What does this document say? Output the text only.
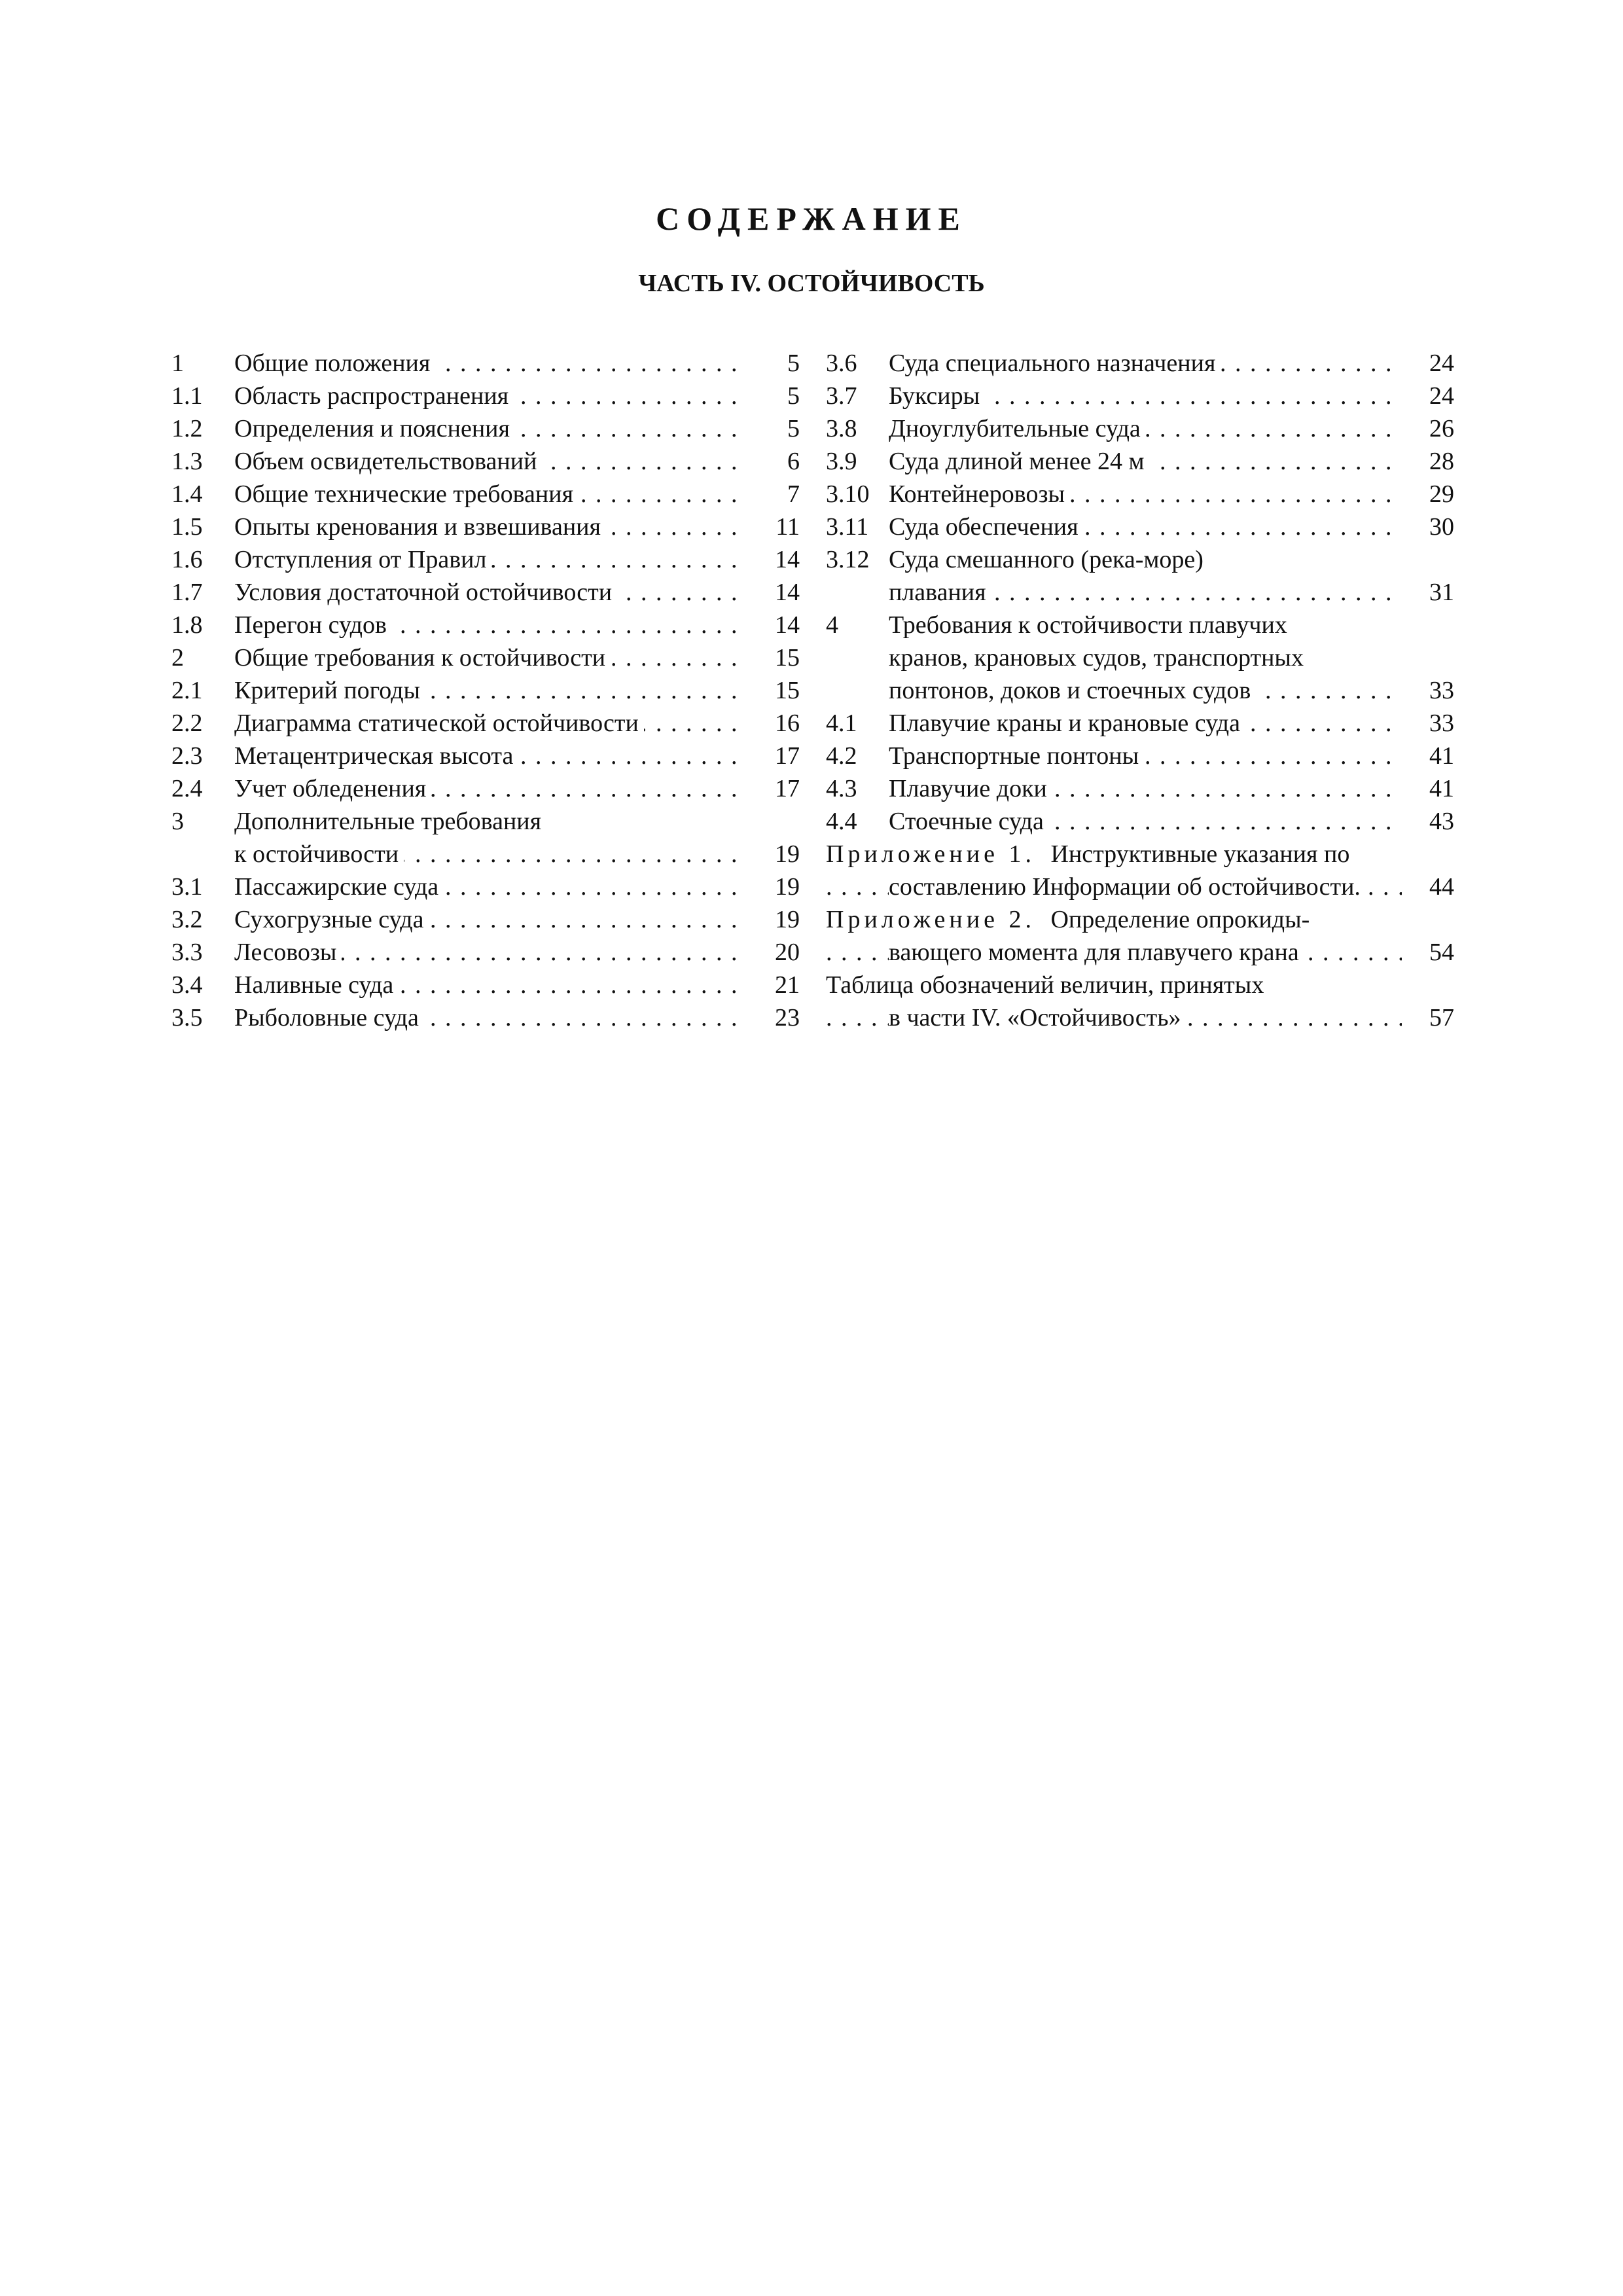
СОДЕРЖАНИЕ
ЧАСТЬ IV. ОСТОЙЧИВОСТЬ
1 Общие положения	5
. . .
1.1 Область распространения	5
. . .
1.2 Определения и пояснения	5
. . .
1.3 Объем освидетельствований	6
. . .
1.4 Общие технические требования	7
. . .
1.5 Опыты кренования и взвешивания	11
. . .
1.6 Отступления от Правил	14
. . .
1.7 Условия достаточной остойчивости	14
. . .
1.8 Перегон судов	14
. . .
2 Общие требования к остойчивости	15
. . .
2.1 Критерий погоды	15
. . .
2.2 Диаграмма статической остойчивости	16
. . .
2.3 Метацентрическая высота	17
. . .
2.4 Учет обледенения	17
. . .
3 Дополнительные требования
к остойчивости	19
. . .
3.1 Пассажирские суда	19
. . .
3.2 Сухогрузные суда	19
. . .
3.3 Лесовозы	20
. . .
3.4 Наливные суда	21
. . .
3.5 Рыболовные суда	23
. . .
3.6 Суда специального назначения	24
. . .
3.7 Буксиры	24
. . .
3.8 Дноуглубительные суда	26
. . .
3.9 Суда длиной менее 24 м	28
. . .
3.10 Контейнеровозы	29
. . .
3.11 Суда обеспечения	30
. . .
3.12 Суда смешанного (река-море)
плавания	31
. . .
4 Требования к остойчивости плавучих
кранов, крановых судов, транспортных
понтонов, доков и стоечных судов	33
. . .
4.1 Плавучие краны и крановые суда	33
. . .
4.2 Транспортные понтоны	41
. . .
4.3 Плавучие доки	41
. . .
4.4 Стоечные суда	43
. . .
Приложение 1. Инструктивные указания по
составлению Информации об остойчивости.	44
. . .
Приложение 2. Определение опрокиды-
вающего момента для плавучего крана	54
. . .
Таблица обозначений величин, принятых
в части IV. «Остойчивость»	57
. . .
